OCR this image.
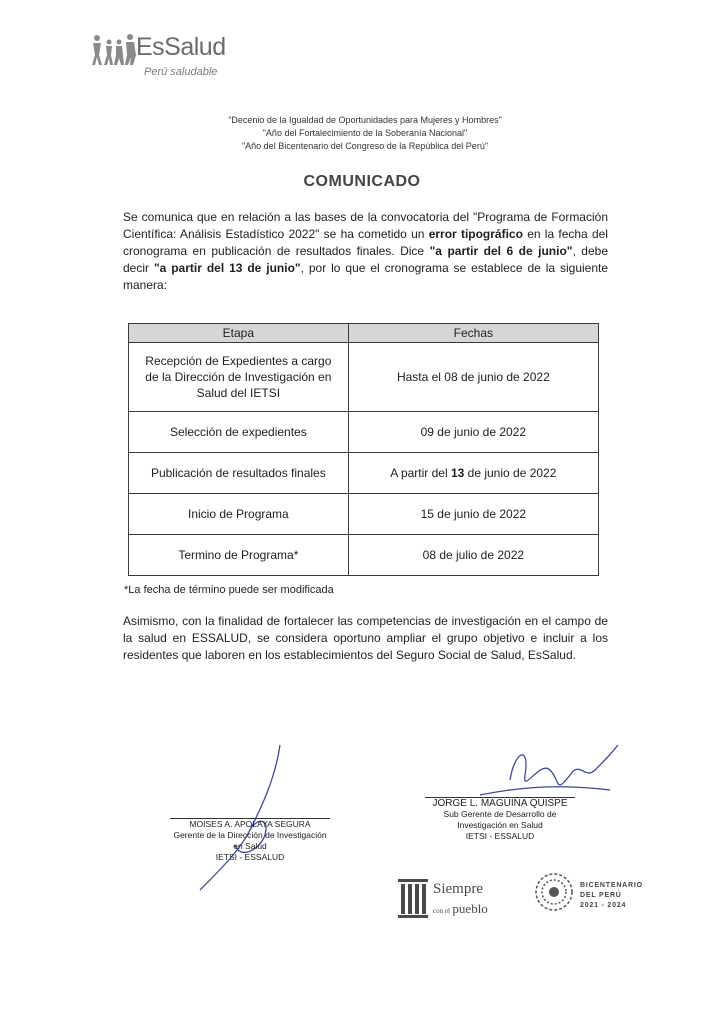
EsSalud
Perú saludable
"Decenio de la Igualdad de Oportunidades para Mujeres y Hombres"
"Año del Fortalecimiento de la Soberanía Nacional"
"Año del Bicentenario del Congreso de la República del Perú"
COMUNICADO
Se comunica que en relación a las bases de la convocatoria del "Programa de Formación Científica: Análisis Estadístico 2022" se ha cometido un error tipográfico en la fecha del cronograma en publicación de resultados finales. Dice "a partir del 6 de junio", debe decir "a partir del 13 de junio", por lo que el cronograma se establece de la siguiente manera:
Etapa	Fechas
Recepción de Expedientes a cargo de la Dirección de Investigación en Salud del IETSI	Hasta el 08 de junio de 2022
Selección de expedientes	09 de junio de 2022
Publicación de resultados finales	A partir del 13 de junio de 2022
Inicio de Programa	15 de junio de 2022
Termino de Programa*	08 de julio de 2022
*La fecha de término puede ser modificada
Asimismo, con la finalidad de fortalecer las competencias de investigación en el campo de la salud en ESSALUD, se considera oportuno ampliar el grupo objetivo e incluir a los residentes que laboren en los establecimientos del Seguro Social de Salud, EsSalud.
MOISES A. APOLAYA SEGURA
Gerente de la Dirección de Investigación en Salud
IETSI - ESSALUD
JORGE L. MAGUIÑA QUISPE
Sub Gerente de Desarrollo de
Investigación en Salud
IETSI - ESSALUD
Siempre
con el pueblo
BICENTENARIO
DEL PERÚ
2021 - 2024
